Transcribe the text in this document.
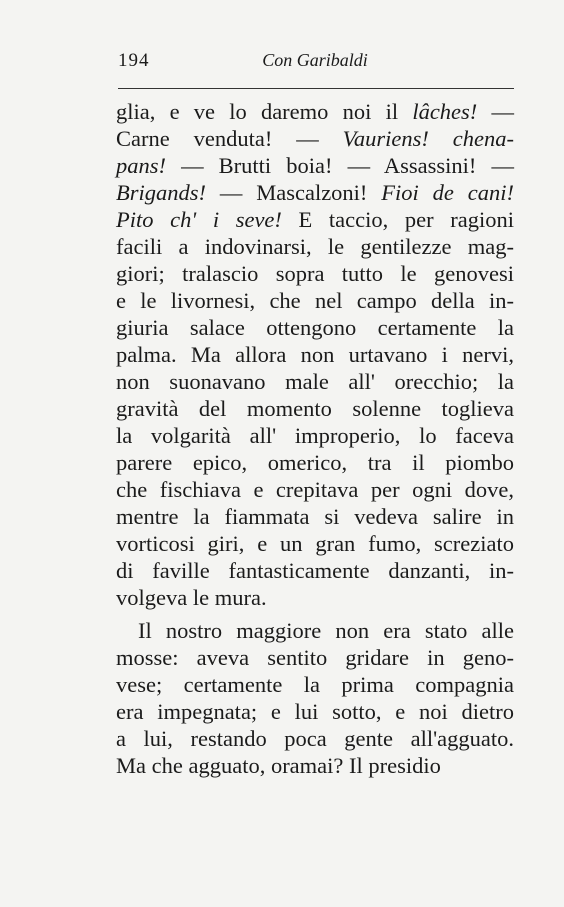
194	Con Garibaldi
glia, e ve lo daremo noi il lâches! —
Carne venduta! — Vauriens! chena-
pans! — Brutti boia! — Assassini! —
Brigands! — Mascalzoni! Fioi de cani!
Pito ch' i seve! E taccio, per ragioni
facili a indovinarsi, le gentilezze mag-
giori; tralascio sopra tutto le genovesi
e le livornesi, che nel campo della in-
giuria salace ottengono certamente la
palma. Ma allora non urtavano i nervi,
non suonavano male all' orecchio; la
gravità del momento solenne toglieva
la volgarità all' improperio, lo faceva
parere epico, omerico, tra il piombo
che fischiava e crepitava per ogni dove,
mentre la fiammata si vedeva salire in
vorticosi giri, e un gran fumo, screziato
di faville fantasticamente danzanti, in-
volgeva le mura.
Il nostro maggiore non era stato alle
mosse: aveva sentito gridare in geno-
vese; certamente la prima compagnia
era impegnata; e lui sotto, e noi dietro
a lui, restando poca gente all'agguato.
Ma che agguato, oramai? Il presidio
